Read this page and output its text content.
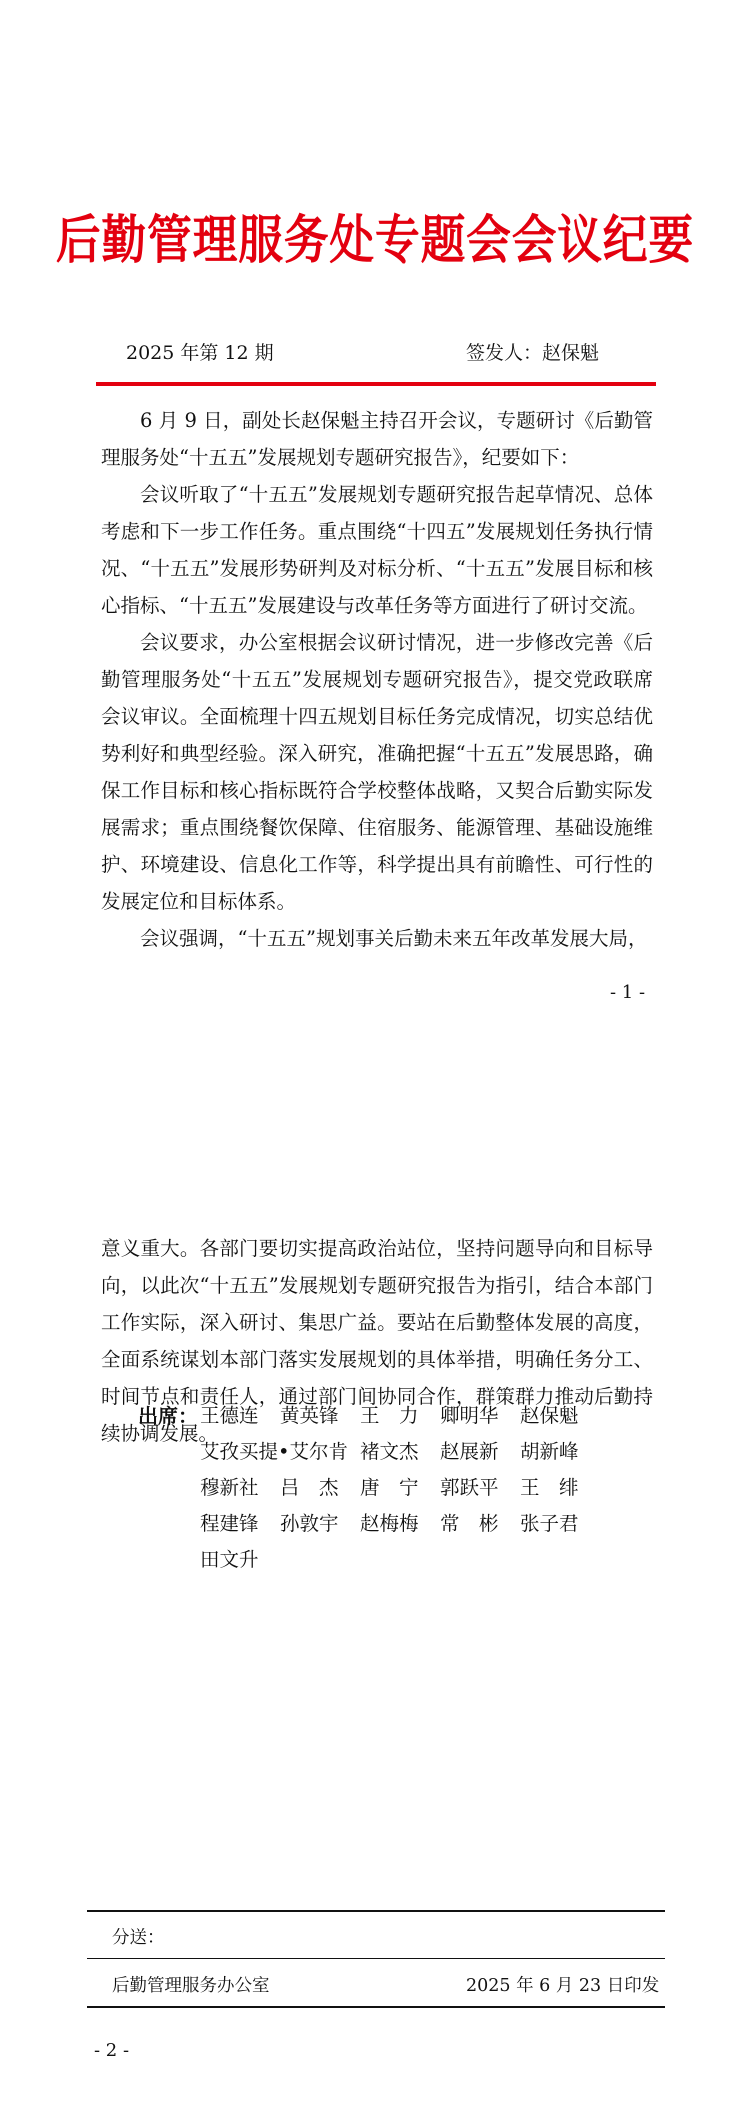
后勤管理服务处专题会会议纪要
2025 年第 12 期	签发人：赵保魁

6 月 9 日，副处长赵保魁主持召开会议，专题研讨《后勤管理服务处“十五五”发展规划专题研究报告》，纪要如下：

会议听取了“十五五”发展规划专题研究报告起草情况、总体考虑和下一步工作任务。重点围绕“十四五”发展规划任务执行情况、“十五五”发展形势研判及对标分析、“十五五”发展目标和核心指标、“十五五”发展建设与改革任务等方面进行了研讨交流。

会议要求，办公室根据会议研讨情况，进一步修改完善《后勤管理服务处“十五五”发展规划专题研究报告》，提交党政联席会议审议。全面梳理十四五规划目标任务完成情况，切实总结优势利好和典型经验。深入研究，准确把握“十五五”发展思路，确保工作目标和核心指标既符合学校整体战略，又契合后勤实际发展需求；重点围绕餐饮保障、住宿服务、能源管理、基础设施维护、环境建设、信息化工作等，科学提出具有前瞻性、可行性的发展定位和目标体系。

会议强调，“十五五”规划事关后勤未来五年改革发展大局，

- 1 -

意义重大。各部门要切实提高政治站位，坚持问题导向和目标导向，以此次“十五五”发展规划专题研究报告为指引，结合本部门工作实际，深入研讨、集思广益。要站在后勤整体发展的高度，全面系统谋划本部门落实发展规划的具体举措，明确任务分工、时间节点和责任人，通过部门间协同合作，群策群力推动后勤持续协调发展。

出席： 王德连	黄英锋	王　力	卿明华	赵保魁
艾孜买提•艾尔肯 褚文杰	赵展新	胡新峰
穆新社	吕　杰	唐　宁	郭跃平	王　绯
程建锋	孙敦宇	赵梅梅	常　彬	张子君
田文升
分送：
后勤管理服务办公室	2025 年 6 月 23 日印发
- 2 -
